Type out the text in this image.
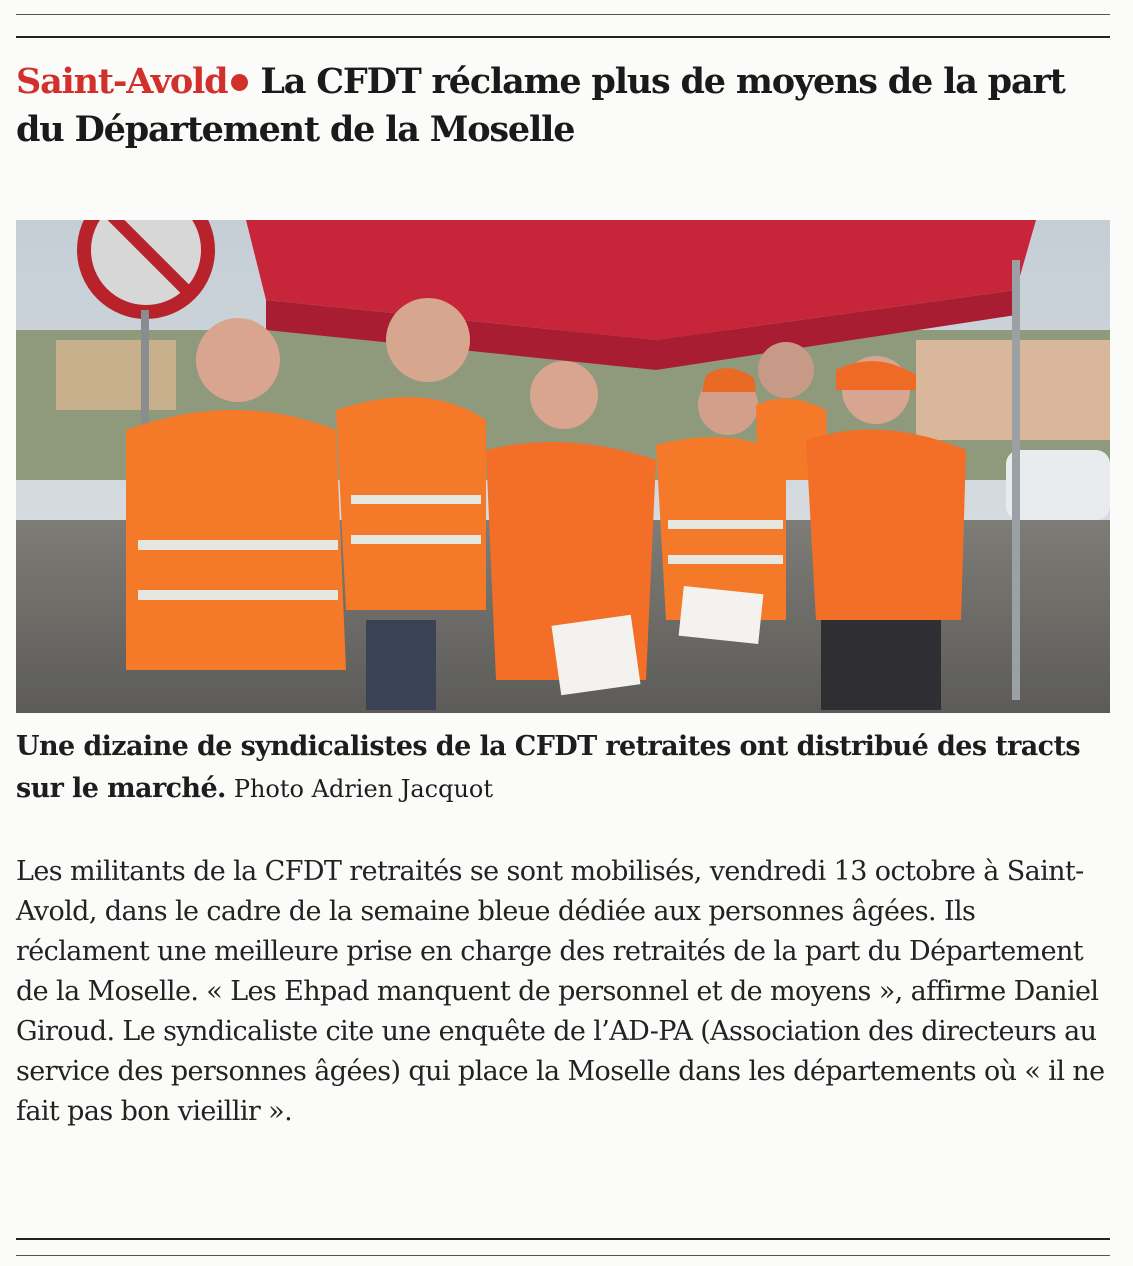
Saint-Avold La CFDT réclame plus de moyens de la part du Département de la Moselle

Une dizaine de syndicalistes de la CFDT retraites ont distribué des tracts sur le marché. Photo Adrien Jacquot

Les militants de la CFDT retraités se sont mobilisés, vendredi 13 octobre à Saint-Avold, dans le cadre de la semaine bleue dédiée aux personnes âgées. Ils réclament une meilleure prise en charge des retraités de la part du Département de la Moselle. « Les Ehpad manquent de personnel et de moyens », affirme Daniel Giroud. Le syndicaliste cite une enquête de l’AD-PA (Association des directeurs au service des personnes âgées) qui place la Moselle dans les départements où « il ne fait pas bon vieillir ».
